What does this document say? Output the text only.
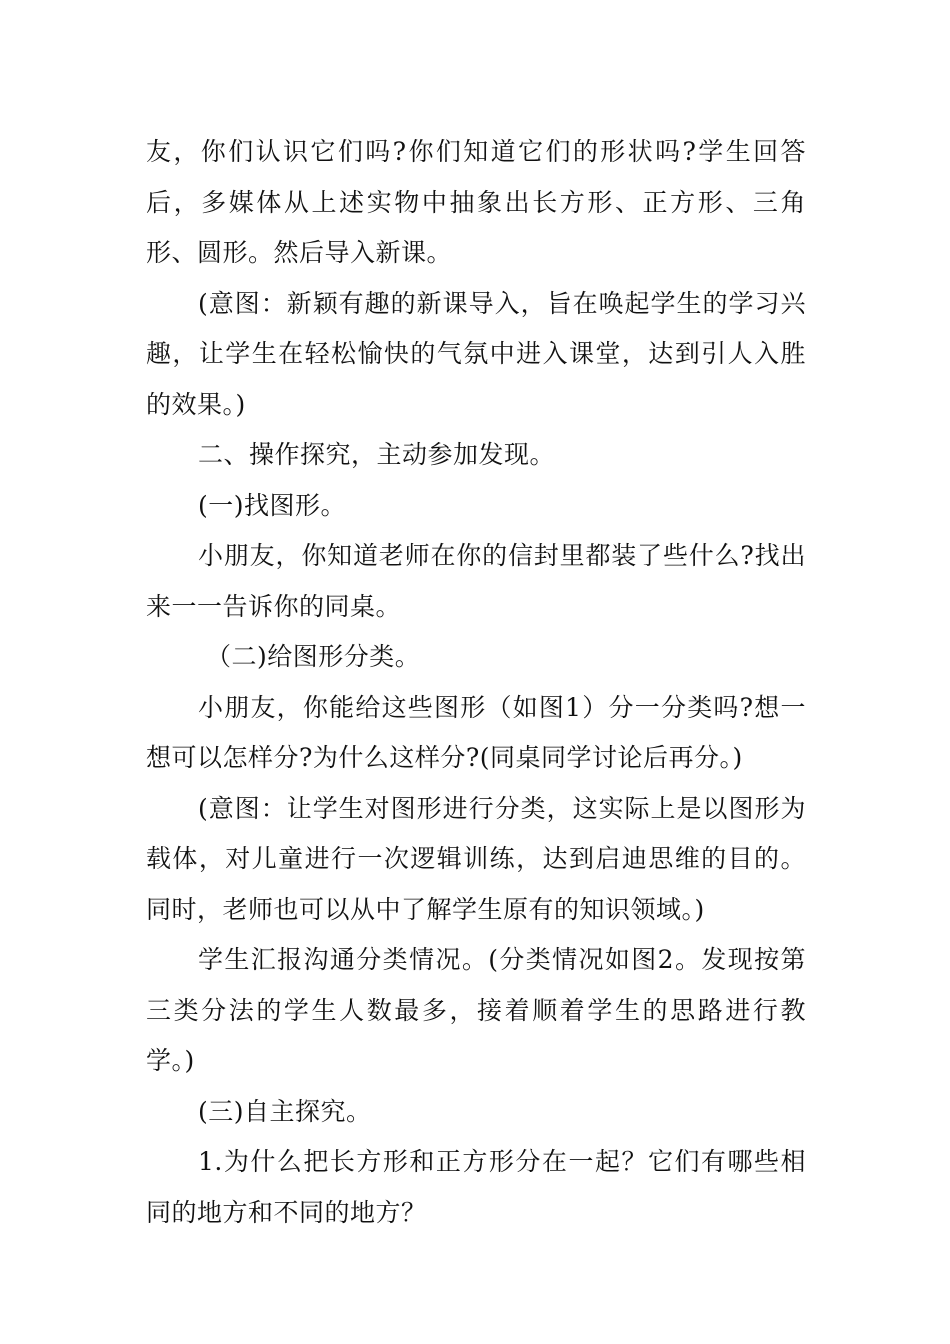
友，你们认识它们吗?你们知道它们的形状吗?学生回答后，多媒体从上述实物中抽象出长方形、正方形、三角形、圆形。然后导入新课。

(意图：新颖有趣的新课导入，旨在唤起学生的学习兴趣，让学生在轻松愉快的气氛中进入课堂，达到引人入胜的效果。)

二、操作探究，主动参加发现。

(一)找图形。

小朋友，你知道老师在你的信封里都装了些什么?找出来一一告诉你的同桌。

（二)给图形分类。

小朋友，你能给这些图形（如图1）分一分类吗?想一想可以怎样分?为什么这样分?(同桌同学讨论后再分。)

(意图：让学生对图形进行分类，这实际上是以图形为载体，对儿童进行一次逻辑训练，达到启迪思维的目的。同时，老师也可以从中了解学生原有的知识领域。)

学生汇报沟通分类情况。(分类情况如图2。发现按第三类分法的学生人数最多，接着顺着学生的思路进行教学。)

(三)自主探究。

1.为什么把长方形和正方形分在一起？它们有哪些相同的地方和不同的地方？
